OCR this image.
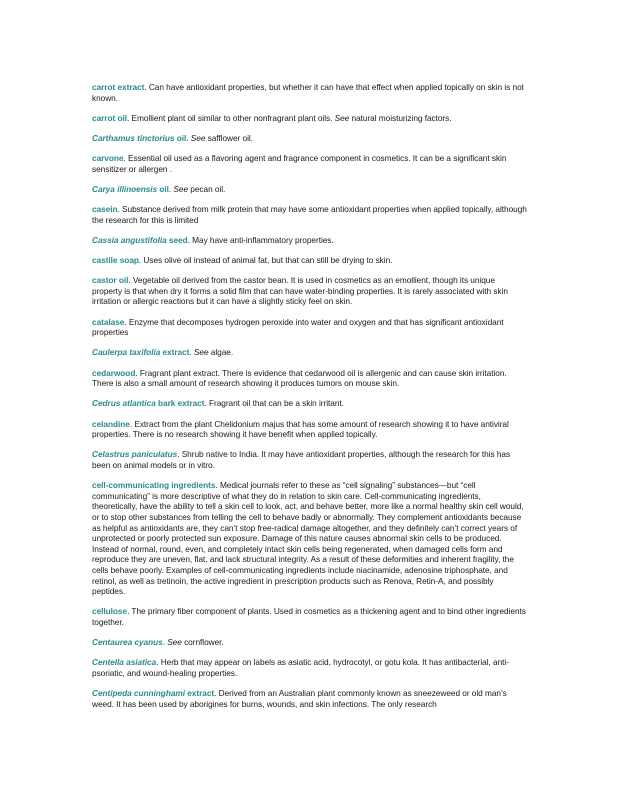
carrot extract. Can have antioxidant properties, but whether it can have that effect when applied topically on skin is not known.

carrot oil. Emollient plant oil similar to other nonfragrant plant oils. See natural moisturizing factors.

Carthamus tinctorius oil. See safflower oil.

carvone. Essential oil used as a flavoring agent and fragrance component in cosmetics. It can be a significant skin sensitizer or allergen .

Carya illinoensis oil. See pecan oil.

casein. Substance derived from milk protein that may have some antioxidant properties when applied topically, although the research for this is limited

Cassia angustifolia seed. May have anti-inflammatory properties.

castile soap. Uses olive oil instead of animal fat, but that can still be drying to skin.

castor oil. Vegetable oil derived from the castor bean. It is used in cosmetics as an emollient, though its unique property is that when dry it forms a solid film that can have water-binding properties. It is rarely associated with skin irritation or allergic reactions but it can have a slightly sticky feel on skin.

catalase. Enzyme that decomposes hydrogen peroxide into water and oxygen and that has significant antioxidant properties

Caulerpa taxifolia extract. See algae.

cedarwood. Fragrant plant extract. There is evidence that cedarwood oil is allergenic and can cause skin irritation. There is also a small amount of research showing it produces tumors on mouse skin.

Cedrus atlantica bark extract. Fragrant oil that can be a skin irritant.

celandine. Extract from the plant Chelidonium majus that has some amount of research showing it to have antiviral properties. There is no research showing it have benefit when applied topically.

Celastrus paniculatus. Shrub native to India. It may have antioxidant properties, although the research for this has been on animal models or in vitro.

cell-communicating ingredients. Medical journals refer to these as “cell signaling” substances—but “cell communicating” is more descriptive of what they do in relation to skin care. Cell-communicating ingredients, theoretically, have the ability to tell a skin cell to look, act, and behave better, more like a normal healthy skin cell would, or to stop other substances from telling the cell to behave badly or abnormally. They complement antioxidants because as helpful as antioxidants are, they can’t stop free-radical damage altogether, and they definitely can’t correct years of unprotected or poorly protected sun exposure. Damage of this nature causes abnormal skin cells to be produced. Instead of normal, round, even, and completely intact skin cells being regenerated, when damaged cells form and reproduce they are uneven, flat, and lack structural integrity. As a result of these deformities and inherent fragility, the cells behave poorly. Examples of cell-communicating ingredients include niacinamide, adenosine triphosphate, and retinol, as well as tretinoin, the active ingredient in prescription products such as Renova, Retin-A, and possibly peptides.

cellulose. The primary fiber component of plants. Used in cosmetics as a thickening agent and to bind other ingredients together.

Centaurea cyanus. See cornflower.

Centella asiatica. Herb that may appear on labels as asiatic acid, hydrocotyl, or gotu kola. It has antibacterial, anti-psoriatic, and wound-healing properties.

Centipeda cunninghami extract. Derived from an Australian plant commonly known as sneezeweed or old man’s weed. It has been used by aborigines for burns, wounds, and skin infections. The only research
